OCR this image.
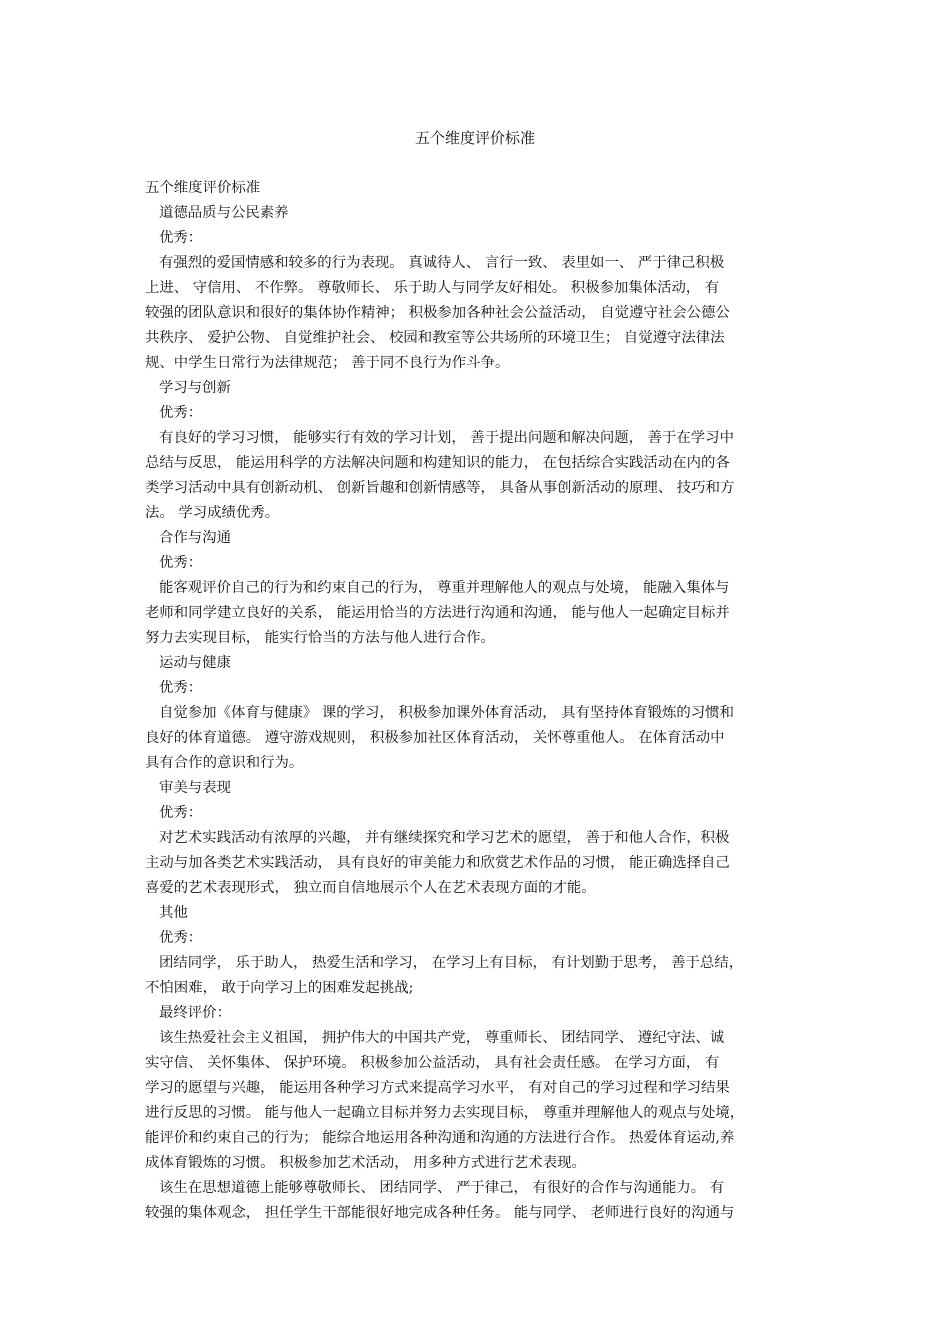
五个维度评价标准
五个维度评价标准
道德品质与公民素养
优秀：
有强烈的爱国情感和较多的行为表现。 真诚待人、 言行一致、 表里如一、 严于律己积极
上进、 守信用、 不作弊。 尊敬师长、 乐于助人与同学友好相处。 积极参加集体活动， 有
较强的团队意识和很好的集体协作精神； 积极参加各种社会公益活动， 自觉遵守社会公德公
共秩序、 爱护公物、 自觉维护社会、 校园和教室等公共场所的环境卫生； 自觉遵守法律法
规、中学生日常行为法律规范； 善于同不良行为作斗争。
学习与创新
优秀：
有良好的学习习惯， 能够实行有效的学习计划， 善于提出问题和解决问题， 善于在学习中
总结与反思， 能运用科学的方法解决问题和构建知识的能力， 在包括综合实践活动在内的各
类学习活动中具有创新动机、 创新旨趣和创新情感等， 具备从事创新活动的原理、 技巧和方
法。 学习成绩优秀。
合作与沟通
优秀：
能客观评价自己的行为和约束自己的行为， 尊重并理解他人的观点与处境， 能融入集体与
老师和同学建立良好的关系， 能运用恰当的方法进行沟通和沟通， 能与他人一起确定目标并
努力去实现目标， 能实行恰当的方法与他人进行合作。
运动与健康
优秀：
自觉参加《体育与健康》 课的学习， 积极参加课外体育活动， 具有坚持体育锻炼的习惯和
良好的体育道德。 遵守游戏规则， 积极参加社区体育活动， 关怀尊重他人。 在体育活动中
具有合作的意识和行为。
审美与表现
优秀：
对艺术实践活动有浓厚的兴趣， 并有继续探究和学习艺术的愿望， 善于和他人合作，积极
主动与加各类艺术实践活动， 具有良好的审美能力和欣赏艺术作品的习惯， 能正确选择自己
喜爱的艺术表现形式， 独立而自信地展示个人在艺术表现方面的才能。
其他
优秀：
团结同学， 乐于助人， 热爱生活和学习， 在学习上有目标， 有计划勤于思考， 善于总结，
不怕困难， 敢于向学习上的困难发起挑战;
最终评价：
该生热爱社会主义祖国， 拥护伟大的中国共产党， 尊重师长、 团结同学、 遵纪守法、诚
实守信、 关怀集体、 保护环境。 积极参加公益活动， 具有社会责任感。 在学习方面， 有
学习的愿望与兴趣， 能运用各种学习方式来提高学习水平， 有对自己的学习过程和学习结果
进行反思的习惯。 能与他人一起确立目标并努力去实现目标， 尊重并理解他人的观点与处境，
能评价和约束自己的行为； 能综合地运用各种沟通和沟通的方法进行合作。 热爱体育运动,养
成体育锻炼的习惯。 积极参加艺术活动， 用多种方式进行艺术表现。
该生在思想道德上能够尊敬师长、 团结同学、 严于律己， 有很好的合作与沟通能力。 有
较强的集体观念， 担任学生干部能很好地完成各种任务。 能与同学、 老师进行良好的沟通与
